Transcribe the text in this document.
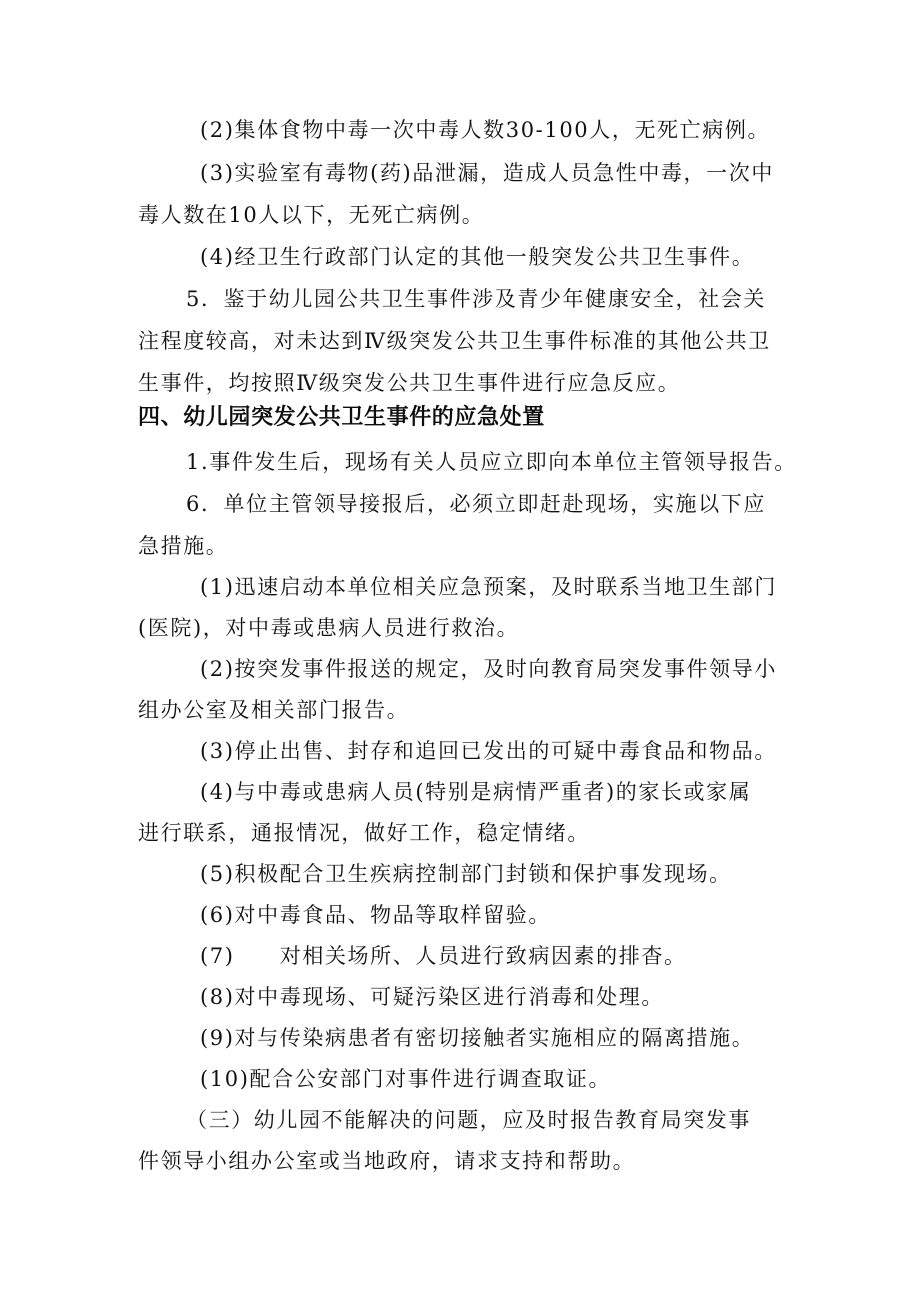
(2)集体食物中毒一次中毒人数30-100人，无死亡病例。

(3)实验室有毒物(药)品泄漏，造成人员急性中毒，一次中

毒人数在10人以下，无死亡病例。

(4)经卫生行政部门认定的其他一般突发公共卫生事件。

5．鉴于幼儿园公共卫生事件涉及青少年健康安全，社会关

注程度较高，对未达到Ⅳ级突发公共卫生事件标准的其他公共卫

生事件，均按照Ⅳ级突发公共卫生事件进行应急反应。

四、幼儿园突发公共卫生事件的应急处置

1.事件发生后，现场有关人员应立即向本单位主管领导报告。

6．单位主管领导接报后，必须立即赶赴现场，实施以下应

急措施。

(1)迅速启动本单位相关应急预案，及时联系当地卫生部门

(医院)，对中毒或患病人员进行救治。

(2)按突发事件报送的规定，及时向教育局突发事件领导小

组办公室及相关部门报告。

(3)停止出售、封存和追回已发出的可疑中毒食品和物品。

(4)与中毒或患病人员(特别是病情严重者)的家长或家属

进行联系，通报情况，做好工作，稳定情绪。

(5)积极配合卫生疾病控制部门封锁和保护事发现场。

(6)对中毒食品、物品等取样留验。

(7)　　对相关场所、人员进行致病因素的排杳。

(8)对中毒现场、可疑污染区进行消毒和处理。

(9)对与传染病患者有密切接触者实施相应的隔离措施。

(10)配合公安部门对事件进行调查取证。

（三）幼儿园不能解决的问题，应及时报告教育局突发事

件领导小组办公室或当地政府，请求支持和帮助。
